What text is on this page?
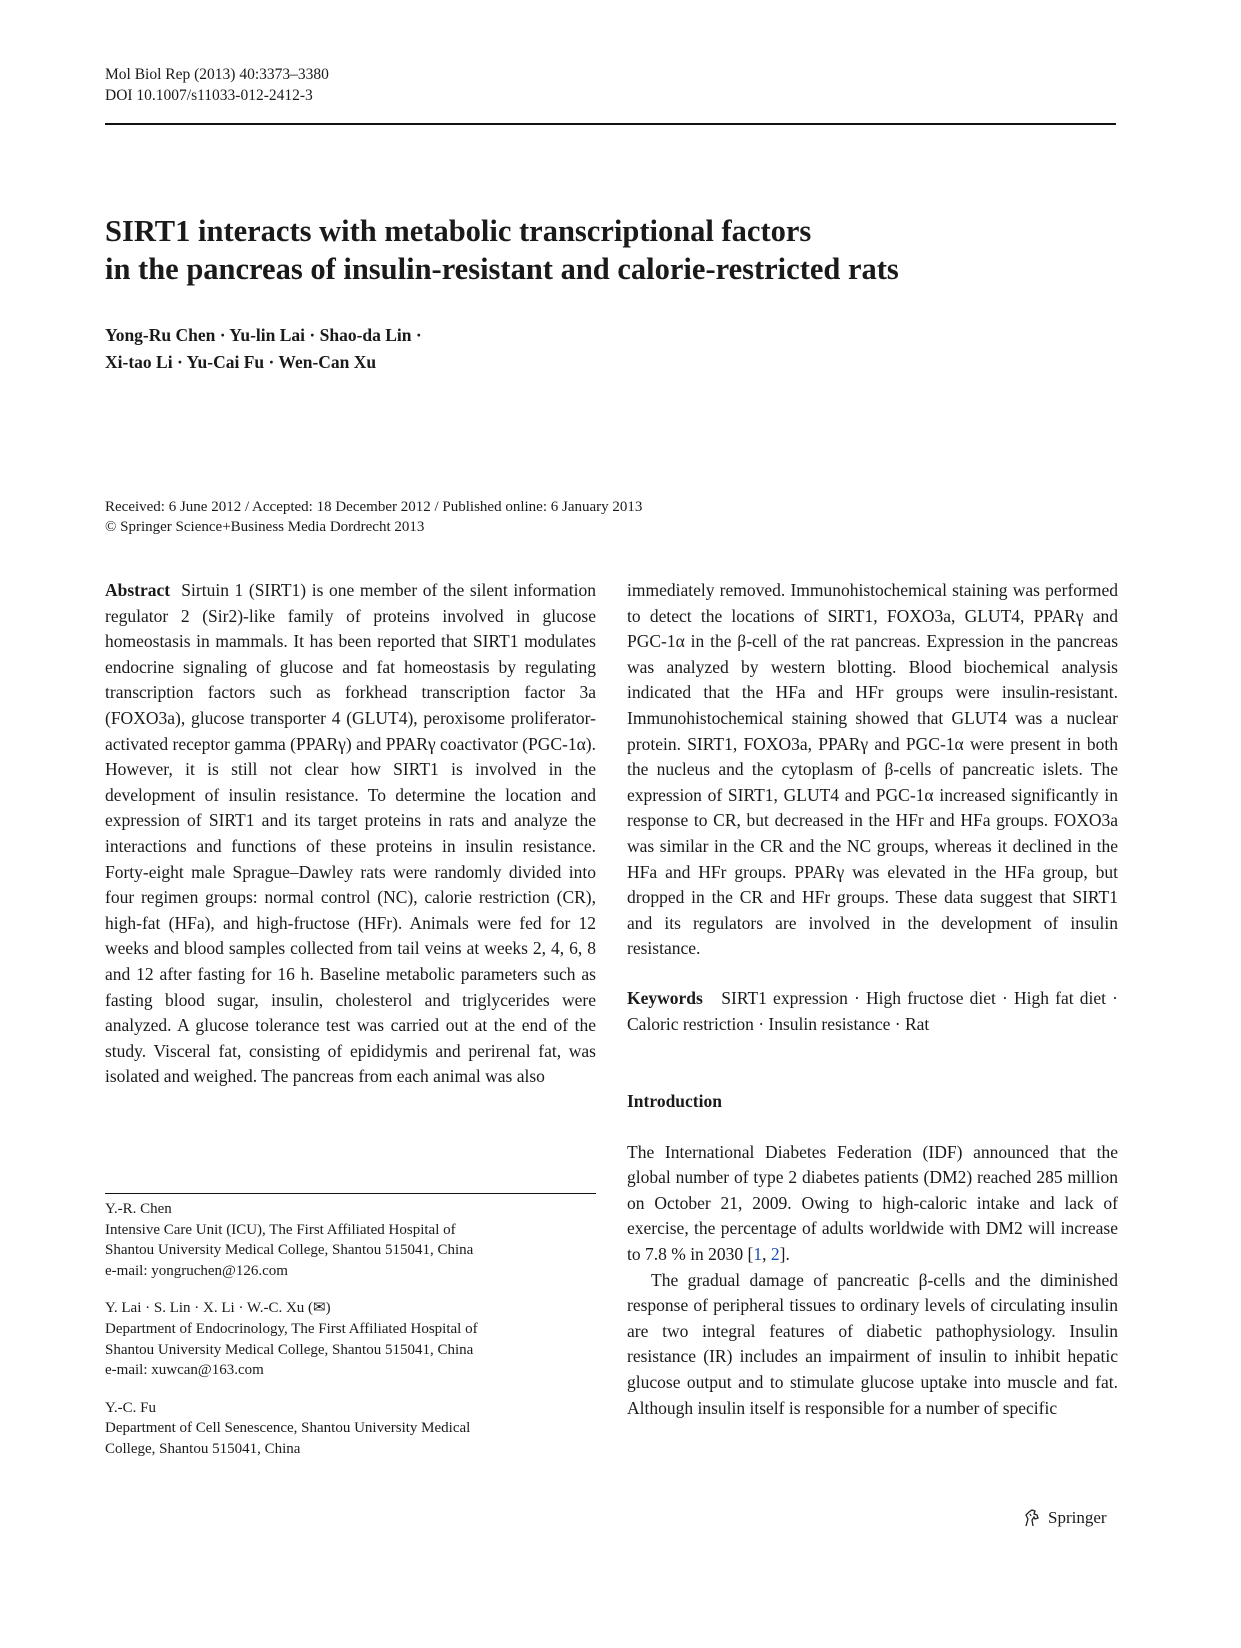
Mol Biol Rep (2013) 40:3373–3380
DOI 10.1007/s11033-012-2412-3
SIRT1 interacts with metabolic transcriptional factors
in the pancreas of insulin-resistant and calorie-restricted rats
Yong-Ru Chen · Yu-lin Lai · Shao-da Lin ·
Xi-tao Li · Yu-Cai Fu · Wen-Can Xu
Received: 6 June 2012 / Accepted: 18 December 2012 / Published online: 6 January 2013
© Springer Science+Business Media Dordrecht 2013

Abstract Sirtuin 1 (SIRT1) is one member of the silent information regulator 2 (Sir2)-like family of proteins involved in glucose homeostasis in mammals. It has been reported that SIRT1 modulates endocrine signaling of glucose and fat homeostasis by regulating transcription factors such as forkhead transcription factor 3a (FOXO3a), glucose transporter 4 (GLUT4), peroxisome proliferator-activated receptor gamma (PPARγ) and PPARγ coactivator (PGC-1α). However, it is still not clear how SIRT1 is involved in the development of insulin resistance. To determine the location and expression of SIRT1 and its target proteins in rats and analyze the interactions and functions of these proteins in insulin resistance. Forty-eight male Sprague–Dawley rats were randomly divided into four regimen groups: normal control (NC), calorie restriction (CR), high-fat (HFa), and high-fructose (HFr). Animals were fed for 12 weeks and blood samples collected from tail veins at weeks 2, 4, 6, 8 and 12 after fasting for 16 h. Baseline metabolic parameters such as fasting blood sugar, insulin, cholesterol and triglycerides were analyzed. A glucose tolerance test was carried out at the end of the study. Visceral fat, consisting of epididymis and perirenal fat, was isolated and weighed. The pancreas from each animal was also

immediately removed. Immunohistochemical staining was performed to detect the locations of SIRT1, FOXO3a, GLUT4, PPARγ and PGC-1α in the β-cell of the rat pancreas. Expression in the pancreas was analyzed by western blotting. Blood biochemical analysis indicated that the HFa and HFr groups were insulin-resistant. Immunohistochemical staining showed that GLUT4 was a nuclear protein. SIRT1, FOXO3a, PPARγ and PGC-1α were present in both the nucleus and the cytoplasm of β-cells of pancreatic islets. The expression of SIRT1, GLUT4 and PGC-1α increased significantly in response to CR, but decreased in the HFr and HFa groups. FOXO3a was similar in the CR and the NC groups, whereas it declined in the HFa and HFr groups. PPARγ was elevated in the HFa group, but dropped in the CR and HFr groups. These data suggest that SIRT1 and its regulators are involved in the development of insulin resistance.

Keywords SIRT1 expression · High fructose diet · High fat diet · Caloric restriction · Insulin resistance · Rat

Introduction

The International Diabetes Federation (IDF) announced that the global number of type 2 diabetes patients (DM2) reached 285 million on October 21, 2009. Owing to high-caloric intake and lack of exercise, the percentage of adults worldwide with DM2 will increase to 7.8 % in 2030 [1, 2].

The gradual damage of pancreatic β-cells and the diminished response of peripheral tissues to ordinary levels of circulating insulin are two integral features of diabetic pathophysiology. Insulin resistance (IR) includes an impairment of insulin to inhibit hepatic glucose output and to stimulate glucose uptake into muscle and fat. Although insulin itself is responsible for a number of specific

Y.-R. Chen
Intensive Care Unit (ICU), The First Affiliated Hospital of
Shantou University Medical College, Shantou 515041, China
e-mail: yongruchen@126.com
Y. Lai · S. Lin · X. Li · W.-C. Xu (✉)
Department of Endocrinology, The First Affiliated Hospital of
Shantou University Medical College, Shantou 515041, China
e-mail: xuwcan@163.com
Y.-C. Fu
Department of Cell Senescence, Shantou University Medical
College, Shantou 515041, China
Springer
